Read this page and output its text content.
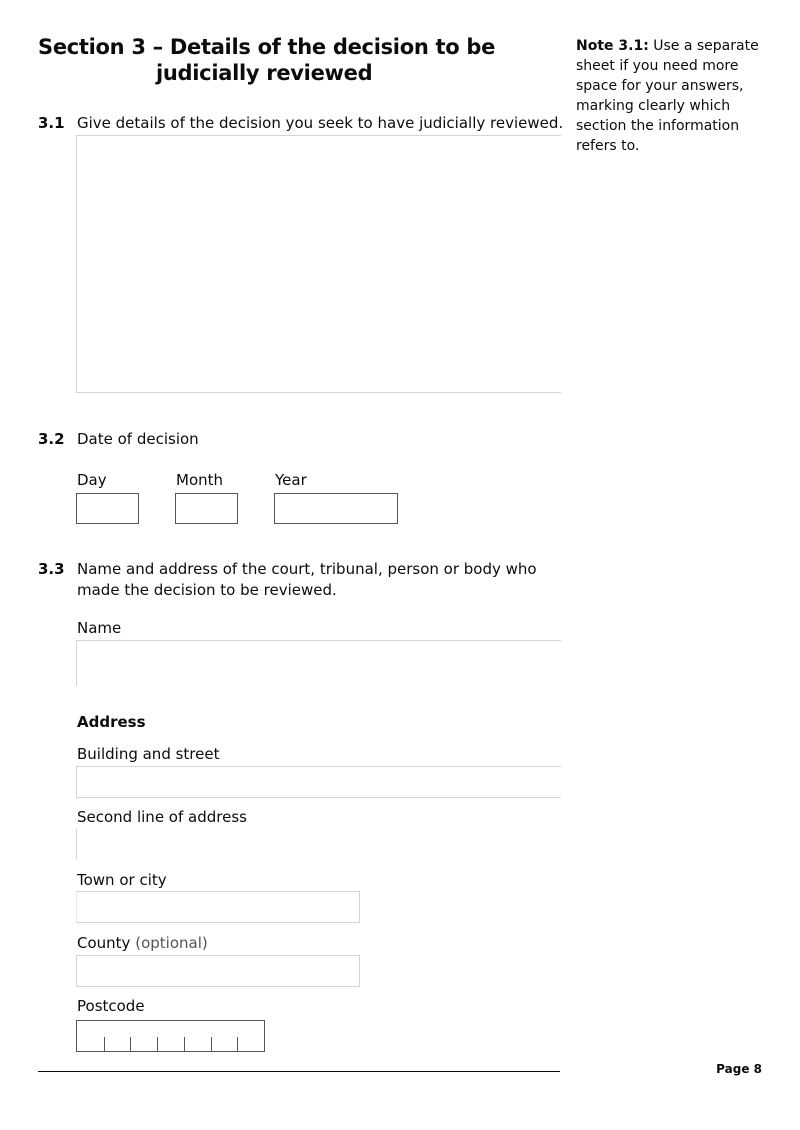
Section 3 – Details of the decision to be
judicially reviewed
Note 3.1: Use a separate sheet if you need more space for your answers, marking clearly which section the information refers to.
3.1 Give details of the decision you seek to have judicially reviewed.
3.2 Date of decision
Day	Month	Year
3.3 Name and address of the court, tribunal, person or body who made the decision to be reviewed.
Name
Address
Building and street
Second line of address
Town or city
County (optional)
Postcode
Page 8
